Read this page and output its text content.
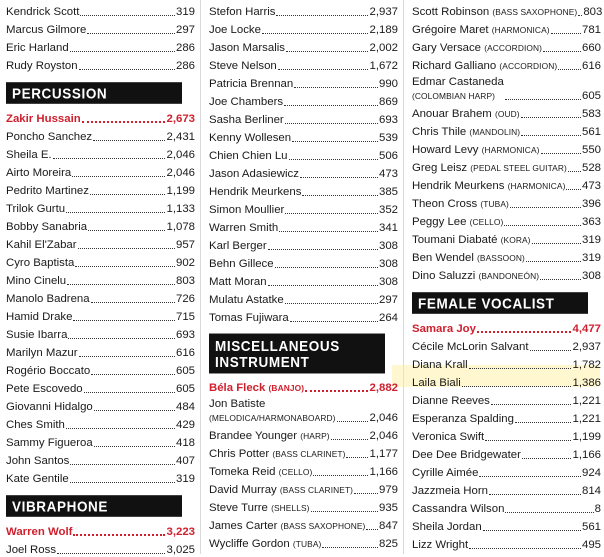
Kendrick Scott	319
Marcus Gilmore	297
Eric Harland	286
Rudy Royston	286
PERCUSSION
Zakir Hussain	2,673
Poncho Sanchez	2,431
Sheila E.	2,046
Airto Moreira	2,046
Pedrito Martinez	1,199
Trilok Gurtu	1,133
Bobby Sanabria	1,078
Kahil El'Zabar	957
Cyro Baptista	902
Mino Cinelu	803
Manolo Badrena	726
Hamid Drake	715
Susie Ibarra	693
Marilyn Mazur	616
Rogério Boccato	605
Pete Escovedo	605
Giovanni Hidalgo	484
Ches Smith	429
Sammy Figueroa	418
John Santos	407
Kate Gentile	319
VIBRAPHONE
Warren Wolf	3,223
Joel Ross	3,025
Stefon Harris	2,937
Joe Locke	2,189
Jason Marsalis	2,002
Steve Nelson	1,672
Patricia Brennan	990
Joe Chambers	869
Sasha Berliner	693
Kenny Wollesen	539
Chien Chien Lu	506
Jason Adasiewicz	473
Hendrik Meurkens	385
Simon Moullier	352
Warren Smith	341
Karl Berger	308
Behn Gillece	308
Matt Moran	308
Mulatu Astatke	297
Tomas Fujiwara	264
MISCELLANEOUS INSTRUMENT
Béla Fleck (BANJO)	2,882
Jon Batiste
(MELODICA/HARMONABOARD)	2,046
Brandee Younger (HARP)	2,046
Chris Potter (BASS CLARINET) 1,177
Tomeka Reid (CELLO)	1,166
David Murray (BASS CLARINET) 979
Steve Turre (SHELLS)	935
James Carter (BASS SAXOPHONE) 847
Wycliffe Gordon (TUBA)	825
Scott Robinson (BASS SAXOPHONE) 803
Grégoire Maret (HARMONICA)	781
Gary Versace (ACCORDION)	660
Richard Galliano (ACCORDION) 616
Edmar Castaneda
(COLOMBIAN HARP)	605
Anouar Brahem (OUD)	583
Chris Thile (MANDOLIN)	561
Howard Levy (HARMONICA)	550
Greg Leisz (PEDAL STEEL GUITAR) 528
Hendrik Meurkens (HARMONICA) 473
Theon Cross (TUBA)	396
Peggy Lee (CELLO)	363
Toumani Diabaté (KORA)	319
Ben Wendel (BASSOON)	319
Dino Saluzzi (BANDONEÓN)	308
FEMALE VOCALIST
Samara Joy	4,477
Cécile McLorin Salvant	2,937
Diana Krall	1,782
Laila Biali	1,386
Dianne Reeves	1,221
Esperanza Spalding	1,221
Veronica Swift	1,199
Dee Dee Bridgewater	1,166
Cyrille Aimée	924
Jazzmeia Horn	814
Cassandra Wilson	8
Sheila Jordan	561
Lizz Wright	495
